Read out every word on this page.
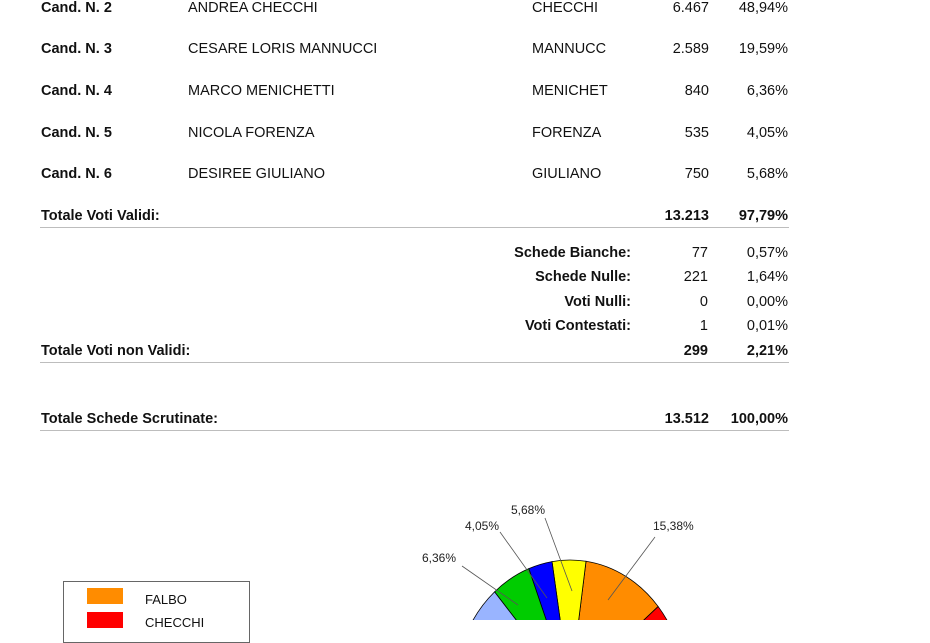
Cand. N. 2	ANDREA CHECCHI	CHECCHI	6.467 48,94%
Cand. N. 3	CESARE LORIS MANNUCCI	MANNUCC	2.589 19,59%
Cand. N. 4	MARCO MENICHETTI	MENICHET	840	6,36%
Cand. N. 5	NICOLA FORENZA	FORENZA	535	4,05%
Cand. N. 6	DESIREE GIULIANO	GIULIANO	750	5,68%
Totale Voti Validi:	13.213 97,79%
Schede Bianche:	77	0,57%
Schede Nulle:	221	1,64%
Voti Nulli:	0	0,00%
Voti Contestati:	1	0,01%
Totale Voti non Validi:	299	2,21%
Totale Schede Scrutinate:	13.512 100,00%
5,68%
4,05%
6,36%
15,38%
FALBO
CHECCHI
